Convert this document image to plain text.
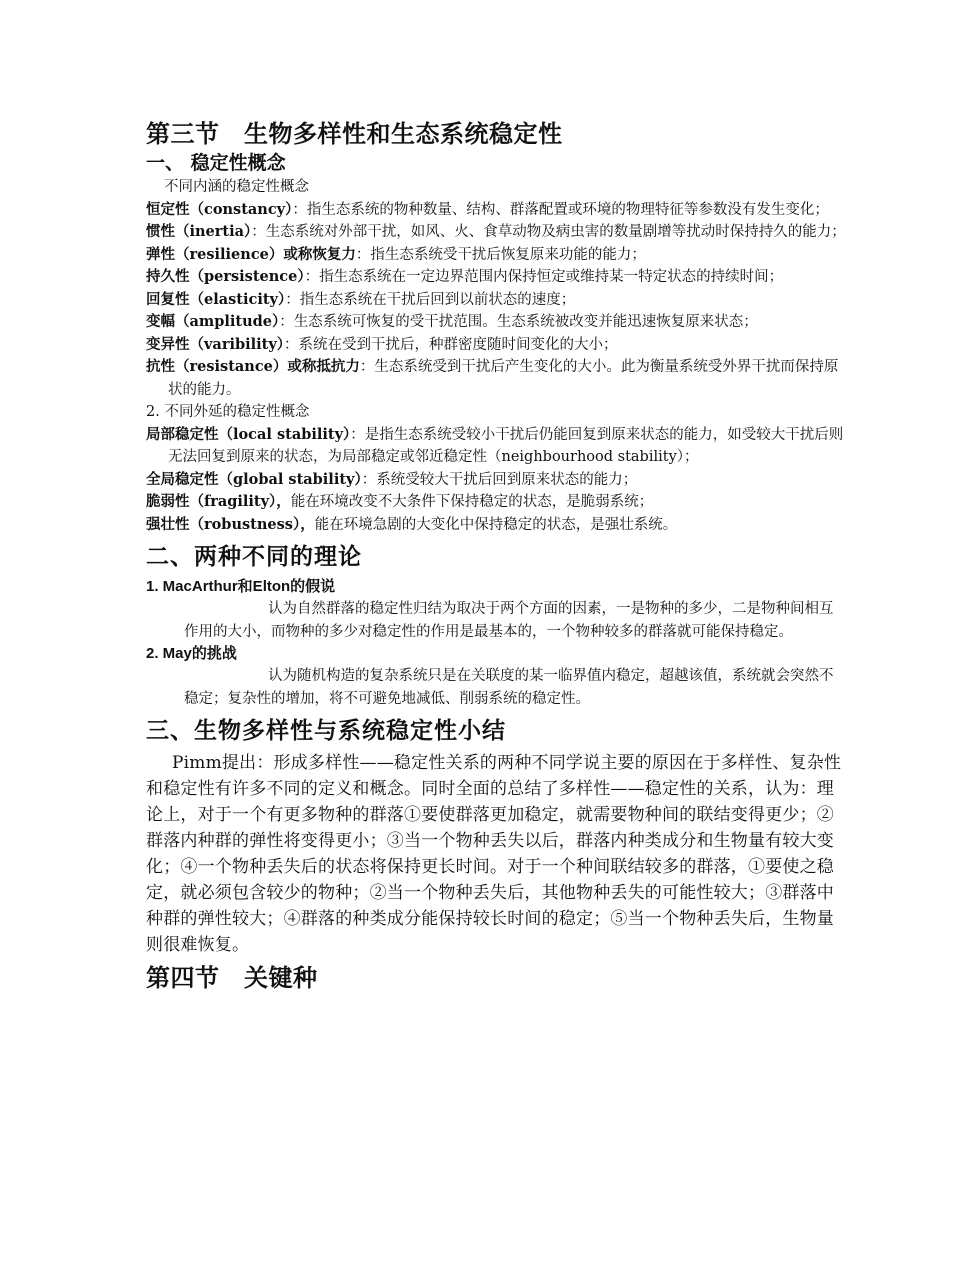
第三节　生物多样性和生态系统稳定性
一、 稳定性概念

不同内涵的稳定性概念

恒定性（constancy）：指生态系统的物种数量、结构、群落配置或环境的物理特征等参数没有发生变化；

惯性（inertia）：生态系统对外部干扰，如风、火、食草动物及病虫害的数量剧增等扰动时保持持久的能力；

弹性（resilience）或称恢复力：指生态系统受干扰后恢复原来功能的能力；

持久性（persistence）：指生态系统在一定边界范围内保持恒定或维持某一特定状态的持续时间；

回复性（elasticity）：指生态系统在干扰后回到以前状态的速度；

变幅（amplitude）：生态系统可恢复的受干扰范围。生态系统被改变并能迅速恢复原来状态；

变异性（varibility）：系统在受到干扰后，种群密度随时间变化的大小；

抗性（resistance）或称抵抗力：生态系统受到干扰后产生变化的大小。此为衡量系统受外界干扰而保持原状的能力。

2. 不同外延的稳定性概念

局部稳定性（local stability）：是指生态系统受较小干扰后仍能回复到原来状态的能力，如受较大干扰后则无法回复到原来的状态，为局部稳定或邻近稳定性（neighbourhood stability）；

全局稳定性（global stability）：系统受较大干扰后回到原来状态的能力；

脆弱性（fragility），能在环境改变不大条件下保持稳定的状态，是脆弱系统；

强壮性（robustness），能在环境急剧的大变化中保持稳定的状态，是强壮系统。

二、两种不同的理论

1. MacArthur和Elton的假说

认为自然群落的稳定性归结为取决于两个方面的因素，一是物种的多少，二是物种间相互作用的大小，而物种的多少对稳定性的作用是最基本的，一个物种较多的群落就可能保持稳定。

2. May的挑战

认为随机构造的复杂系统只是在关联度的某一临界值内稳定，超越该值，系统就会突然不稳定；复杂性的增加，将不可避免地减低、削弱系统的稳定性。

三、生物多样性与系统稳定性小结

Pimm提出：形成多样性——稳定性关系的两种不同学说主要的原因在于多样性、复杂性和稳定性有许多不同的定义和概念。同时全面的总结了多样性——稳定性的关系，认为：理论上，对于一个有更多物种的群落①要使群落更加稳定，就需要物种间的联结变得更少；②群落内种群的弹性将变得更小；③当一个物种丢失以后，群落内种类成分和生物量有较大变化；④一个物种丢失后的状态将保持更长时间。对于一个种间联结较多的群落，①要使之稳定，就必须包含较少的物种；②当一个物种丢失后，其他物种丢失的可能性较大；③群落中种群的弹性较大；④群落的种类成分能保持较长时间的稳定；⑤当一个物种丢失后，生物量则很难恢复。

第四节　关键种
